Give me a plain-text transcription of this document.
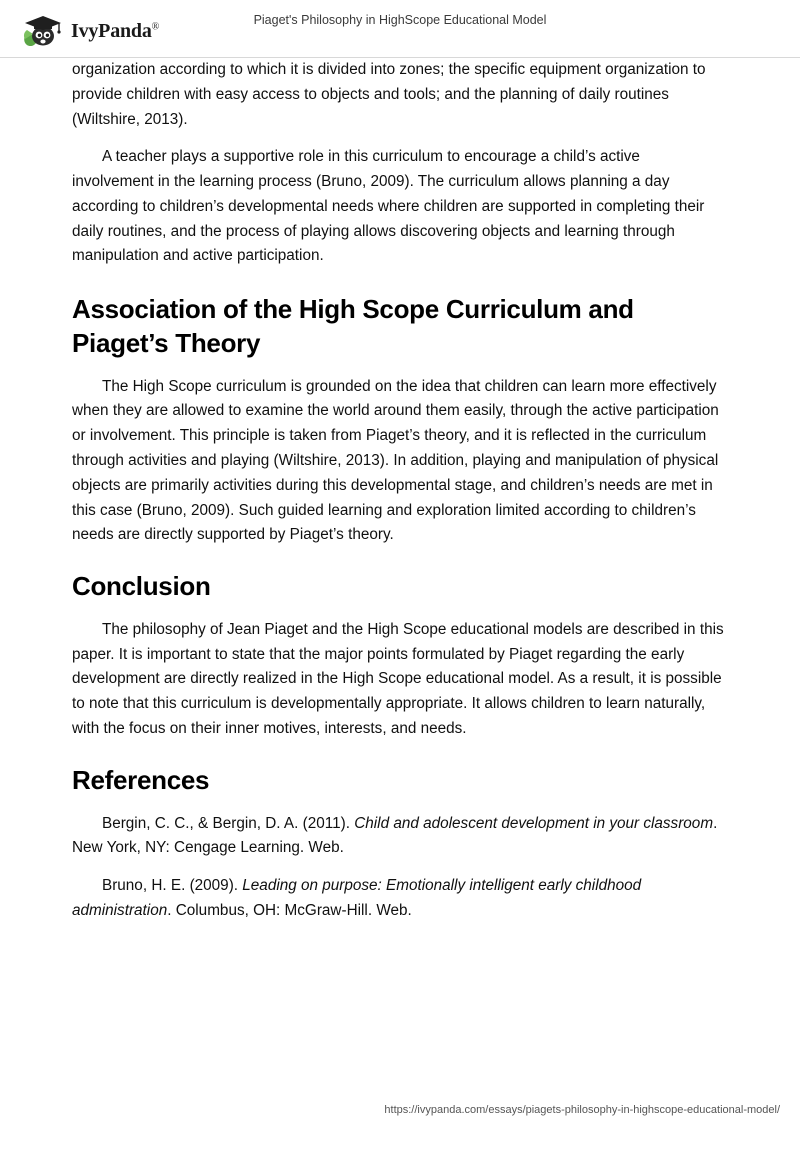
IvyPanda®	Piaget's Philosophy in HighScope Educational Model

organization according to which it is divided into zones; the specific equipment organization to provide children with easy access to objects and tools; and the planning of daily routines (Wiltshire, 2013).

A teacher plays a supportive role in this curriculum to encourage a child’s active involvement in the learning process (Bruno, 2009). The curriculum allows planning a day according to children’s developmental needs where children are supported in completing their daily routines, and the process of playing allows discovering objects and learning through manipulation and active participation.

Association of the High Scope Curriculum and Piaget’s Theory

The High Scope curriculum is grounded on the idea that children can learn more effectively when they are allowed to examine the world around them easily, through the active participation or involvement. This principle is taken from Piaget’s theory, and it is reflected in the curriculum through activities and playing (Wiltshire, 2013). In addition, playing and manipulation of physical objects are primarily activities during this developmental stage, and children’s needs are met in this case (Bruno, 2009). Such guided learning and exploration limited according to children’s needs are directly supported by Piaget’s theory.

Conclusion

The philosophy of Jean Piaget and the High Scope educational models are described in this paper. It is important to state that the major points formulated by Piaget regarding the early development are directly realized in the High Scope educational model. As a result, it is possible to note that this curriculum is developmentally appropriate. It allows children to learn naturally, with the focus on their inner motives, interests, and needs.

References

Bergin, C. C., & Bergin, D. A. (2011). Child and adolescent development in your classroom. New York, NY: Cengage Learning. Web.

Bruno, H. E. (2009). Leading on purpose: Emotionally intelligent early childhood administration. Columbus, OH: McGraw-Hill. Web.

https://ivypanda.com/essays/piagets-philosophy-in-highscope-educational-model/
